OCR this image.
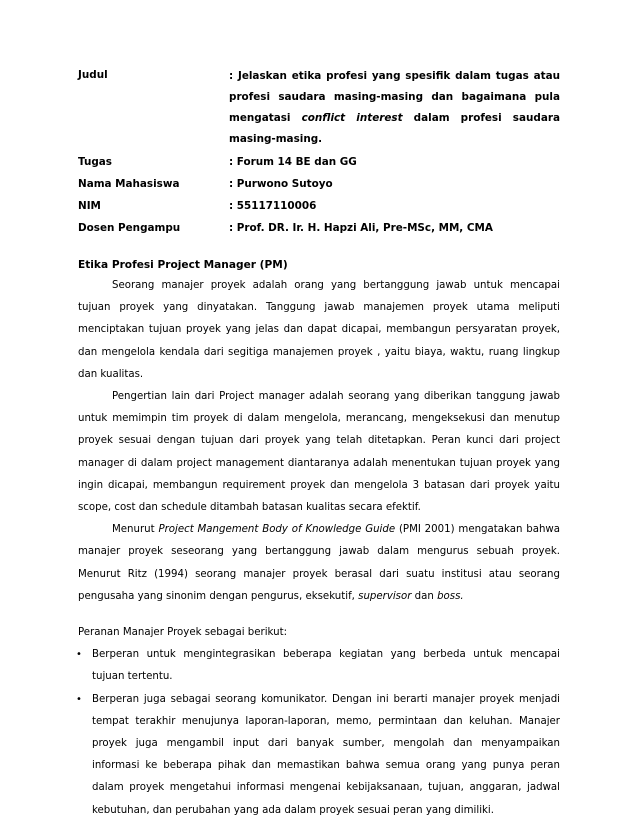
Judul	: Jelaskan etika profesi yang spesifik dalam tugas atau profesi saudara masing-masing dan bagaimana pula mengatasi conflict interest dalam profesi saudara masing-masing.
Tugas	: Forum 14 BE dan GG
Nama Mahasiswa	: Purwono Sutoyo
NIM	: 55117110006
Dosen Pengampu	: Prof. DR. Ir. H. Hapzi Ali, Pre-MSc, MM, CMA
Etika Profesi Project Manager (PM)

Seorang manajer proyek adalah orang yang bertanggung jawab untuk mencapai tujuan proyek yang dinyatakan. Tanggung jawab manajemen proyek utama meliputi menciptakan tujuan proyek yang jelas dan dapat dicapai, membangun persyaratan proyek, dan mengelola kendala dari segitiga manajemen proyek , yaitu biaya, waktu, ruang lingkup dan kualitas.

Pengertian lain dari Project manager adalah seorang yang diberikan tanggung jawab untuk memimpin tim proyek di dalam mengelola, merancang, mengeksekusi dan menutup proyek sesuai dengan tujuan dari proyek yang telah ditetapkan. Peran kunci dari project manager di dalam project management diantaranya adalah menentukan tujuan proyek yang ingin dicapai, membangun requirement proyek dan mengelola 3 batasan dari proyek yaitu scope, cost dan schedule ditambah batasan kualitas secara efektif.

Menurut Project Mangement Body of Knowledge Guide (PMI 2001) mengatakan bahwa manajer proyek seseorang yang bertanggung jawab dalam mengurus sebuah proyek. Menurut Ritz (1994) seorang manajer proyek berasal dari suatu institusi atau seorang pengusaha yang sinonim dengan pengurus, eksekutif, supervisor dan boss.

Peranan Manajer Proyek sebagai berikut:
• Berperan untuk mengintegrasikan beberapa kegiatan yang berbeda untuk mencapai tujuan tertentu.
• Berperan juga sebagai seorang komunikator. Dengan ini berarti manajer proyek menjadi tempat terakhir menujunya laporan-laporan, memo, permintaan dan keluhan. Manajer proyek juga mengambil input dari banyak sumber, mengolah dan menyampaikan informasi ke beberapa pihak dan memastikan bahwa semua orang yang punya peran dalam proyek mengetahui informasi mengenai kebijaksanaan, tujuan, anggaran, jadwal kebutuhan, dan perubahan yang ada dalam proyek sesuai peran yang dimiliki.
